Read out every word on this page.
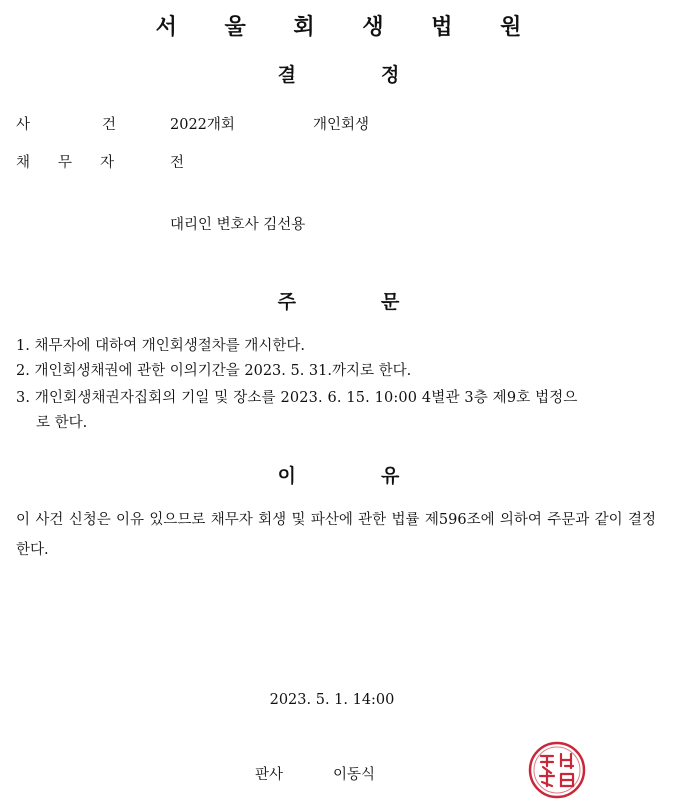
서 울 회 생 법 원
결	정
사	건	2022개회	개인회생
채 무 자	전
대리인 변호사 김선용
주	문
1. 채무자에 대하여 개인회생절차를 개시한다.
2. 개인회생채권에 관한 이의기간을 2023. 5. 31.까지로 한다.
3. 개인회생채권자집회의 기일 및 장소를 2023. 6. 15. 10:00 4별관 3층 제9호 법정으
로 한다.
이	유
이 사건 신청은 이유 있으므로 채무자 회생 및 파산에 관한 법률 제596조에 의하여 주문과 같이 결정한다.
2023. 5. 1. 14:00
판사	이동식
